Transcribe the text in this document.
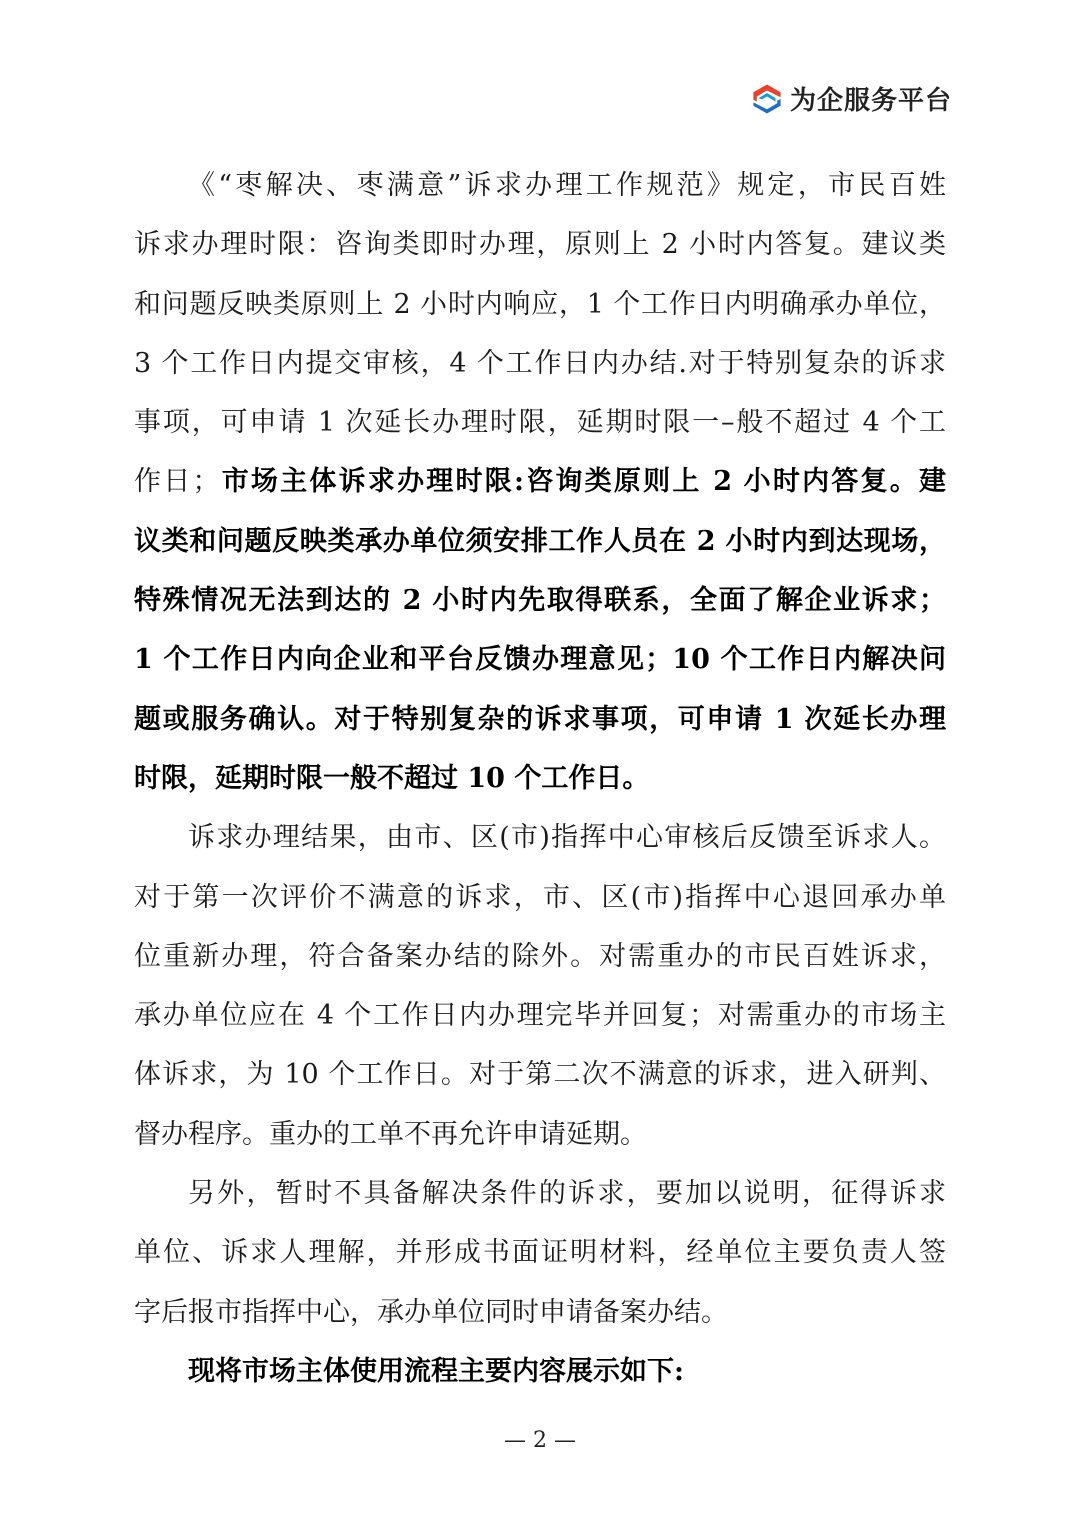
为企服务平台
《“枣解决、枣满意”诉求办理工作规范》规定，市民百姓
诉求办理时限：咨询类即时办理，原则上 2 小时内答复。建议类
和问题反映类原则上 2 小时内响应，1 个工作日内明确承办单位，
3 个工作日内提交审核，4 个工作日内办结.对于特别复杂的诉求
事项，可申请 1 次延长办理时限，延期时限一–般不超过 4 个工
作日；市场主体诉求办理时限:咨询类原则上 2 小时内答复。建
议类和问题反映类承办单位须安排工作人员在 2 小时内到达现场，
特殊情况无法到达的 2 小时内先取得联系，全面了解企业诉求；
1 个工作日内向企业和平台反馈办理意见；10 个工作日内解决问
题或服务确认。对于特别复杂的诉求事项，可申请 1 次延长办理
时限，延期时限一般不超过 10 个工作日。
诉求办理结果，由市、区(市)指挥中心审核后反馈至诉求人。
对于第一次评价不满意的诉求，市、区(市)指挥中心退回承办单
位重新办理，符合备案办结的除外。对需重办的市民百姓诉求，
承办单位应在 4 个工作日内办理完毕并回复；对需重办的市场主
体诉求，为 10 个工作日。对于第二次不满意的诉求，进入研判、
督办程序。重办的工单不再允许申请延期。
另外，暂时不具备解决条件的诉求，要加以说明，征得诉求
单位、诉求人理解，并形成书面证明材料，经单位主要负责人签
字后报市指挥中心，承办单位同时申请备案办结。
现将市场主体使用流程主要内容展示如下:
— 2 —
